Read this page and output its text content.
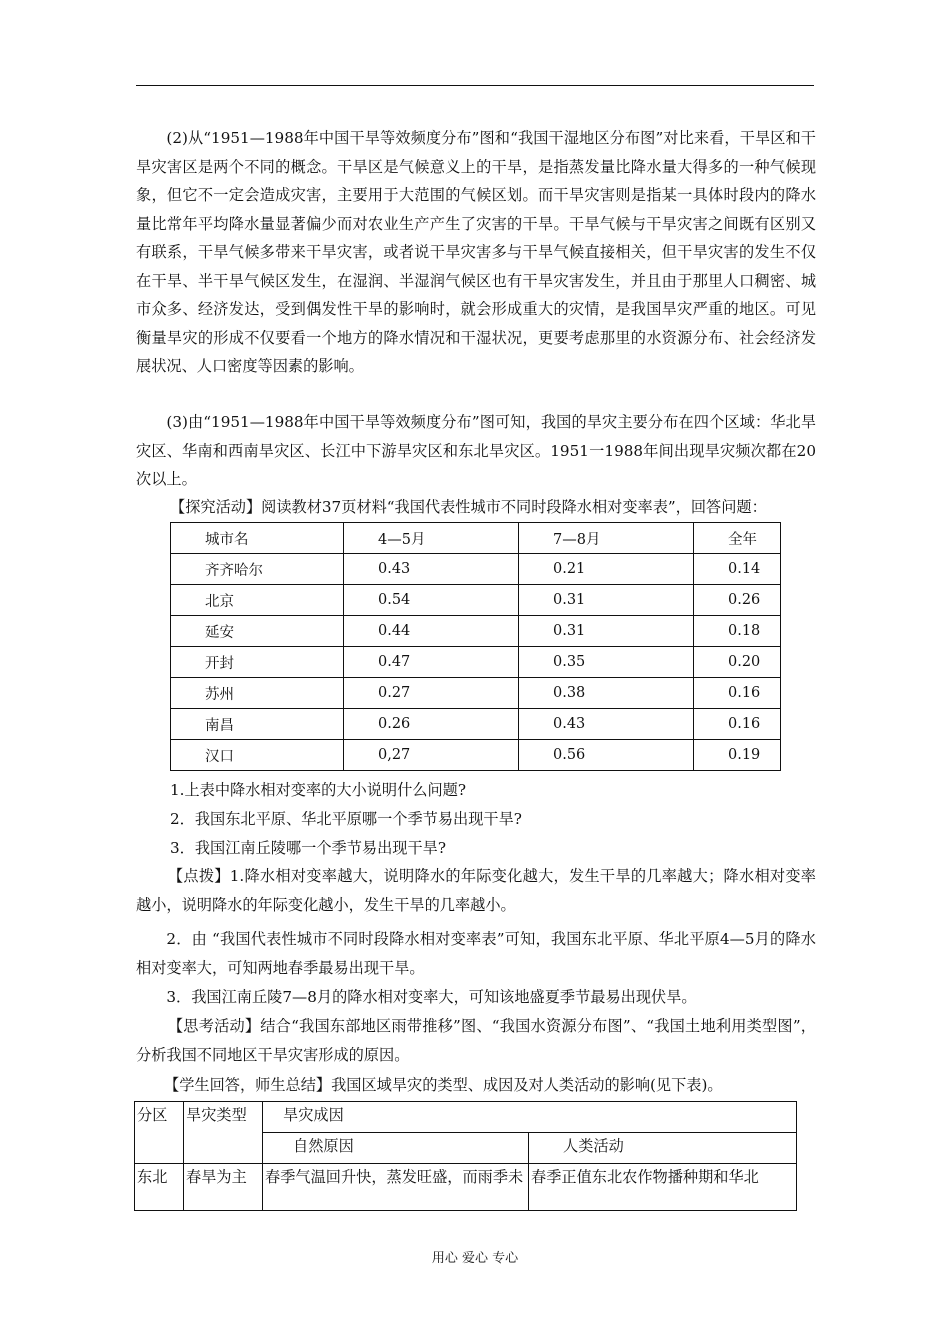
(2)从“1951—1988年中国干旱等效频度分布”图和“我国干湿地区分布图”对比来看，干旱区和干旱灾害区是两个不同的概念。干旱区是气候意义上的干旱，是指蒸发量比降水量大得多的一种气候现象，但它不一定会造成灾害，主要用于大范围的气候区划。而干旱灾害则是指某一具体时段内的降水量比常年平均降水量显著偏少而对农业生产产生了灾害的干旱。干旱气候与干旱灾害之间既有区别又有联系，干旱气候多带来干旱灾害，或者说干旱灾害多与干旱气候直接相关，但干旱灾害的发生不仅在干旱、半干旱气候区发生，在湿润、半湿润气候区也有干旱灾害发生，并且由于那里人口稠密、城市众多、经济发达，受到偶发性干旱的影响时，就会形成重大的灾情，是我国旱灾严重的地区。可见衡量旱灾的形成不仅要看一个地方的降水情况和干湿状况，更要考虑那里的水资源分布、社会经济发展状况、人口密度等因素的影响。

(3)由“1951—1988年中国干旱等效频度分布”图可知，我国的旱灾主要分布在四个区域：华北旱灾区、华南和西南旱灾区、长江中下游旱灾区和东北旱灾区。1951一1988年间出现旱灾频次都在20次以上。

【探究活动】阅读教材37页材料“我国代表性城市不同时段降水相对变率表”，回答问题：
城市名	4—5月	7—8月	全年
齐齐哈尔	0.43	0.21	0.14
北京	0.54	0.31	0.26
延安	0.44	0.31	0.18
开封	0.47	0.35	0.20
苏州	0.27	0.38	0.16
南昌	0.26	0.43	0.16
汉口	0,27	0.56	0.19
1.上表中降水相对变率的大小说明什么问题?
2．我国东北平原、华北平原哪一个季节易出现干旱?
3．我国江南丘陵哪一个季节易出现干旱?

【点拨】1.降水相对变率越大，说明降水的年际变化越大，发生干旱的几率越大；降水相对变率越小，说明降水的年际变化越小，发生干旱的几率越小。

2．由 “我国代表性城市不同时段降水相对变率表”可知，我国东北平原、华北平原4—5月的降水相对变率大，可知两地春季最易出现干旱。

3．我国江南丘陵7—8月的降水相对变率大，可知该地盛夏季节最易出现伏旱。

【思考活动】结合“我国东部地区雨带推移”图、“我国水资源分布图”、“我国土地利用类型图”，分析我国不同地区干旱灾害形成的原因。

【学生回答，师生总结】我国区域旱灾的类型、成因及对人类活动的影响(见下表)。
分区	旱灾类型	旱灾成因	
		自然原因	人类活动
东北	春旱为主	春季气温回升快，蒸发旺盛，而雨季未	春季正值东北农作物播种期和华北
用心 爱心 专心
